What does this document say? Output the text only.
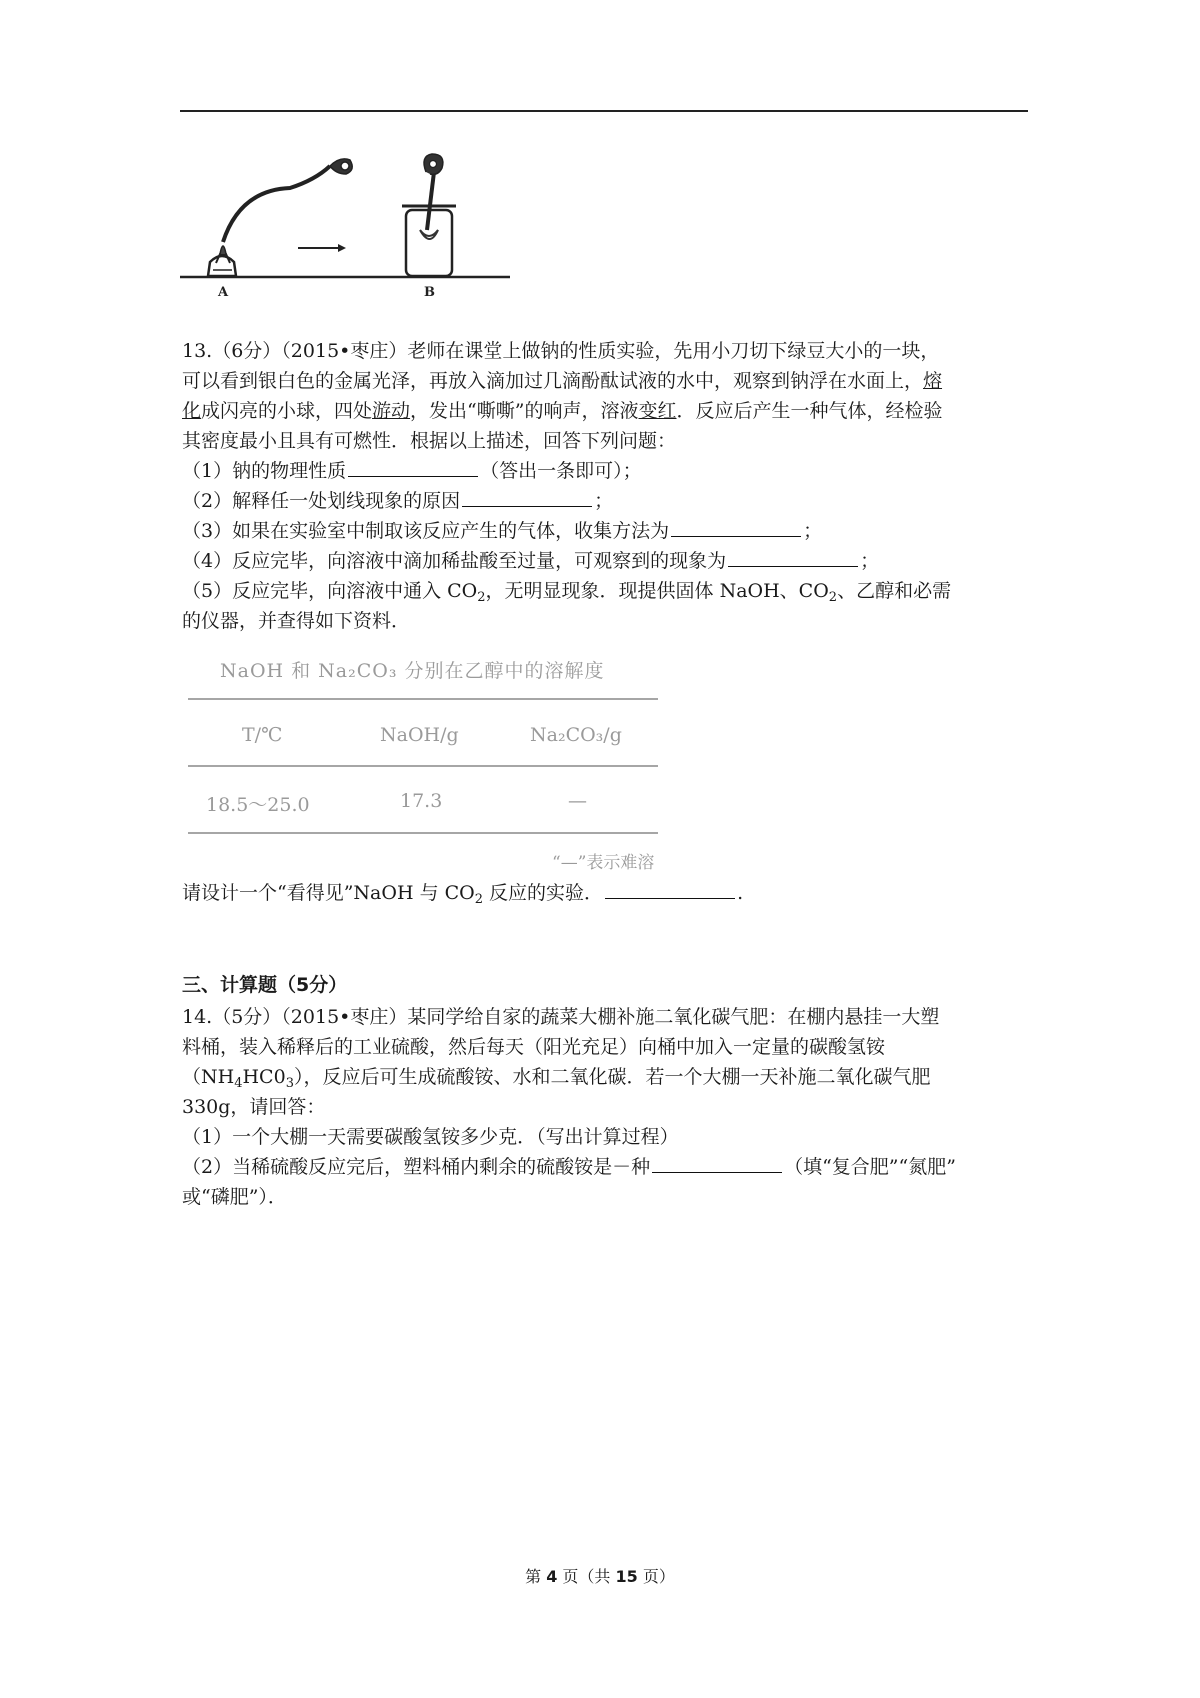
A	B
13.（6分）（2015•枣庄）老师在课堂上做钠的性质实验，先用小刀切下绿豆大小的一块，
可以看到银白色的金属光泽，再放入滴加过几滴酚酞试液的水中，观察到钠浮在水面上，熔
化成闪亮的小球，四处游动，发出“嘶嘶”的响声，溶液变红．反应后产生一种气体，经检验
其密度最小且具有可燃性．根据以上描述，回答下列问题：
（1）钠的物理性质	（答出一条即可）；
（2）解释任一处划线现象的原因	；
（3）如果在实验室中制取该反应产生的气体，收集方法为	；
（4）反应完毕，向溶液中滴加稀盐酸至过量，可观察到的现象为	；
（5）反应完毕，向溶液中通入 $CO_2$，无明显现象．现提供固体 NaOH、$CO_2$、乙醇和必需
的仪器，并查得如下资料．
NaOH 和 Na₂CO₃ 分别在乙醇中的溶解度
T/℃	NaOH/g	Na₂CO₃/g
18.5～25.0	17.3	—
“—”表示难溶
请设计一个“看得见”NaOH 与 $CO_2$ 反应的实验．	.
三、计算题（5分）
14.（5分）（2015•枣庄）某同学给自家的蔬菜大棚补施二氧化碳气肥：在棚内悬挂一大塑
料桶，装入稀释后的工业硫酸，然后每天（阳光充足）向桶中加入一定量的碳酸氢铵
$(NH_4HC0_3)$，反应后可生成硫酸铵、水和二氧化碳．若一个大棚一天补施二氧化碳气肥
330g，请回答：
（1）一个大棚一天需要碳酸氢铵多少克．（写出计算过程）
（2）当稀硫酸反应完后，塑料桶内剩余的硫酸铵是－种	（填“复合肥”“氮肥”
或“磷肥”）．
第 4 页（共 15 页）
